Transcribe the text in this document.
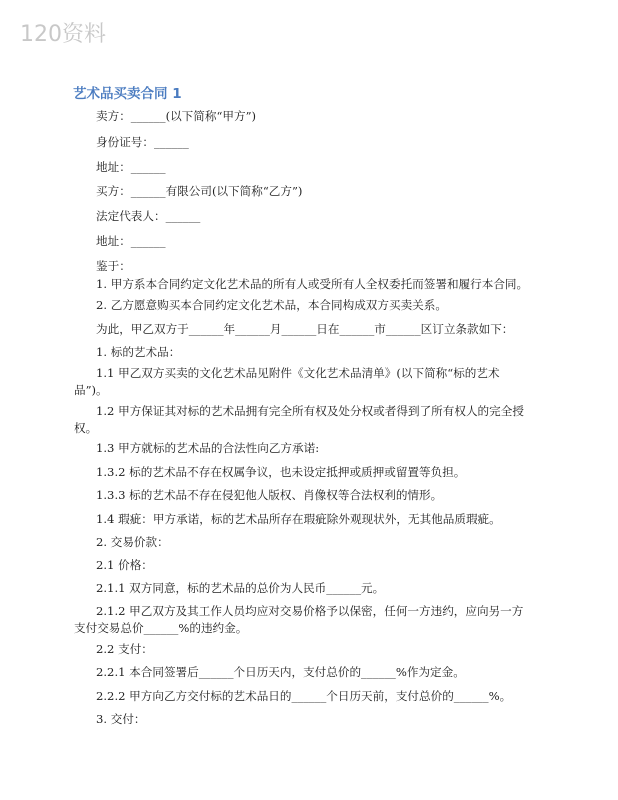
120资料
艺术品买卖合同 1
卖方：______(以下简称“甲方”)
身份证号：______
地址：______
买方：______有限公司(以下简称“乙方”)
法定代表人：______
地址：______
鉴于：
1. 甲方系本合同约定文化艺术品的所有人或受所有人全权委托而签署和履行本合同。
2. 乙方愿意购买本合同约定文化艺术品，本合同构成双方买卖关系。
为此，甲乙双方于______年______月______日在______市______区订立条款如下：
1. 标的艺术品：
1.1 甲乙双方买卖的文化艺术品见附件《文化艺术品清单》(以下简称“标的艺术
品”)。
1.2 甲方保证其对标的艺术品拥有完全所有权及处分权或者得到了所有权人的完全授
权。
1.3 甲方就标的艺术品的合法性向乙方承诺:
1.3.2 标的艺术品不存在权属争议，也未设定抵押或质押或留置等负担。
1.3.3 标的艺术品不存在侵犯他人版权、肖像权等合法权利的情形。
1.4 瑕疵：甲方承诺，标的艺术品所存在瑕疵除外观现状外，无其他品质瑕疵。
2. 交易价款：
2.1 价格：
2.1.1 双方同意，标的艺术品的总价为人民币______元。
2.1.2 甲乙双方及其工作人员均应对交易价格予以保密，任何一方违约，应向另一方
支付交易总价______%的违约金。
2.2 支付：
2.2.1 本合同签署后______个日历天内，支付总价的______%作为定金。
2.2.2 甲方向乙方交付标的艺术品日的______个日历天前，支付总价的______%。
3. 交付：
